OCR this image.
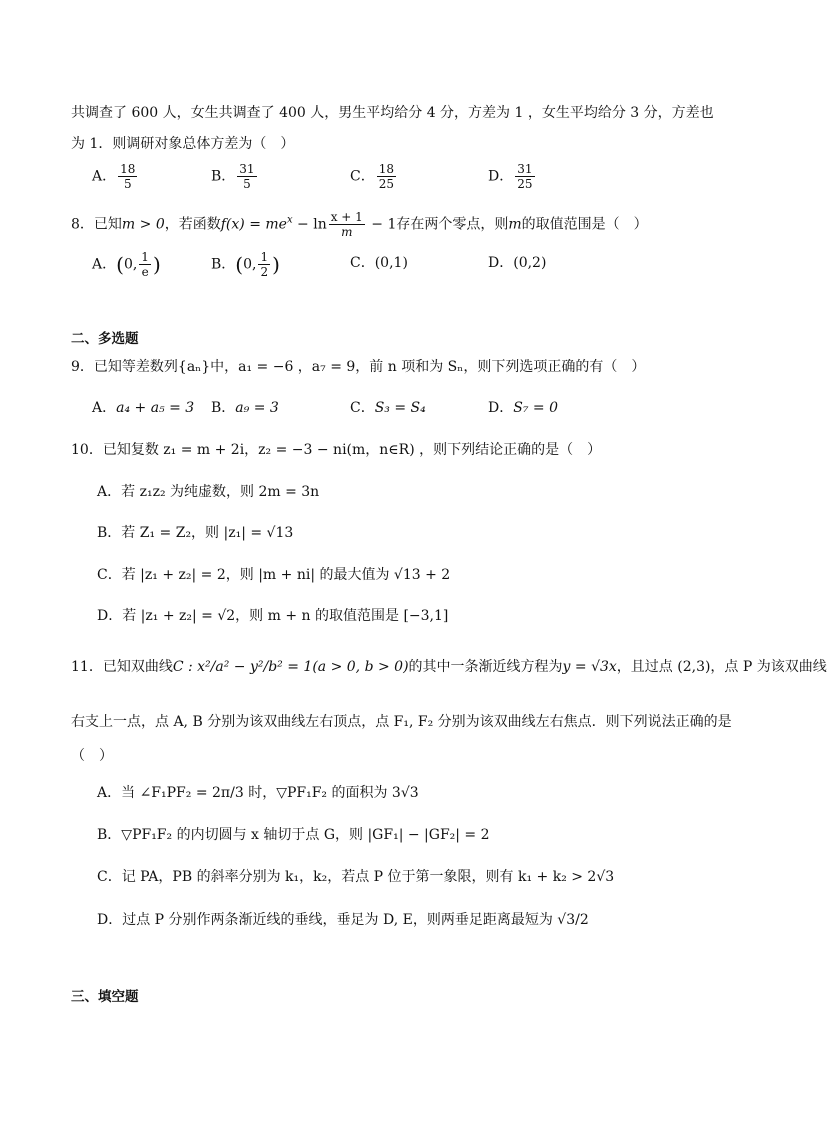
共调查了 600 人，女生共调查了 400 人，男生平均给分 4 分，方差为 1 ，女生平均给分 3 分，方差也
为 1．则调研对象总体方差为（　）
A． $\frac{18}{5}$	B． $\frac{31}{5}$	C． $\frac{18}{25}$	D． $\frac{31}{25}$
8．已知m > 0，若函数$f(x) = me^x - \ln \frac{x + 1}{m} - 1$存在两个零点，则m的取值范围是（　）
A．(0, $\frac{1}{e}$ )	B．(0, $\frac{1}{2}$ )	C．(0,1)	D．(0,2)
二、多选题
9．已知等差数列{aₙ}中，a₁ = −6 ，a₇ = 9，前 n 项和为 Sₙ，则下列选项正确的有（　）
A．a₄ + a₅ = 3 B．a₉ = 3	C．S₃ = S₄	D．S₇ = 0
10．已知复数 z₁ = m + 2i，z₂ = −3 − ni(m，n∈R) ，则下列结论正确的是（　）
A．若 z₁z₂ 为纯虚数，则 2m = 3n
B．若 Z₁ = Z₂，则 |z₁| = √13
C．若 |z₁ + z₂| = 2，则 |m + ni| 的最大值为 √13 + 2
D．若 |z₁ + z₂| = √2，则 m + n 的取值范围是 [−3,1]
11．已知双曲线C : x²/a² − y²/b² = 1(a > 0, b > 0)的其中一条渐近线方程为y = √3x，且过点 (2,3)，点 P 为该双曲线
右支上一点，点 A, B 分别为该双曲线左右顶点，点 F₁, F₂ 分别为该双曲线左右焦点．则下列说法正确的是
（　）
A．当 ∠F₁PF₂ = 2π/3 时，▽PF₁F₂ 的面积为 3√3
B．▽PF₁F₂ 的内切圆与 x 轴切于点 G，则 |GF₁| − |GF₂| = 2
C．记 PA，PB 的斜率分别为 k₁，k₂，若点 P 位于第一象限，则有 k₁ + k₂ > 2√3
D．过点 P 分别作两条渐近线的垂线，垂足为 D, E，则两垂足距离最短为 √3/2
三、填空题
